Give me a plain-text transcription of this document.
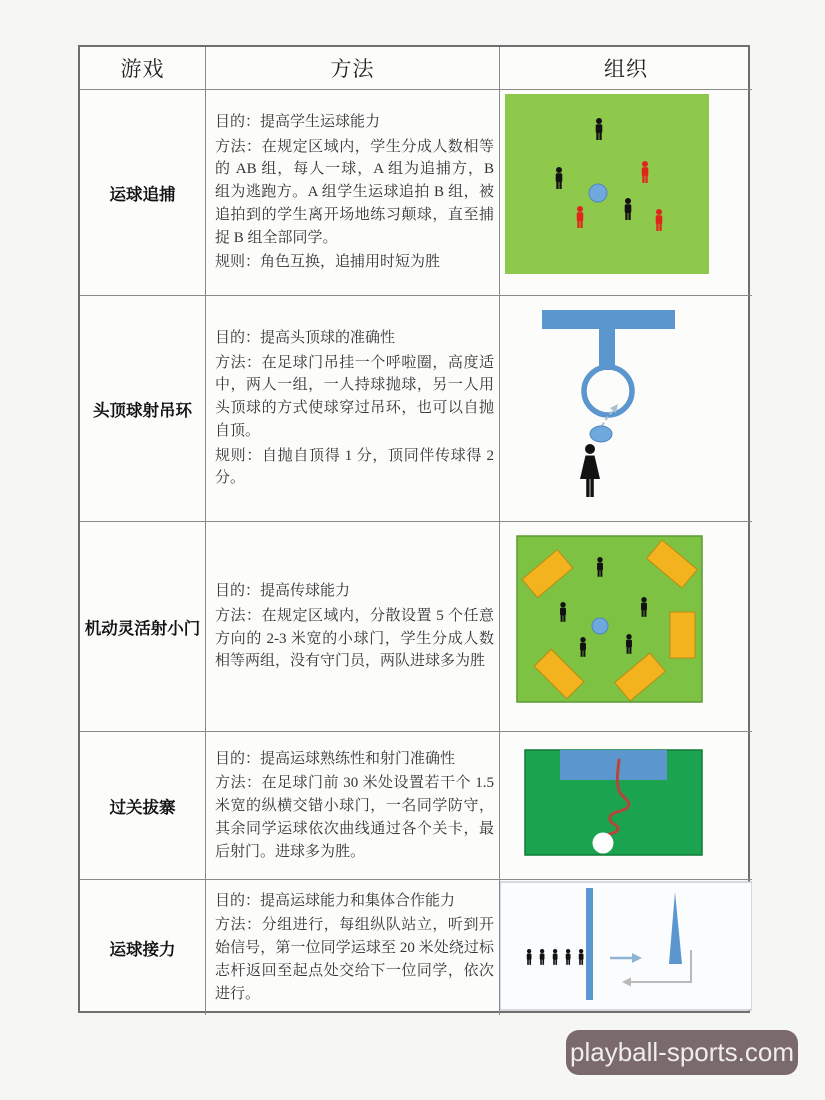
游戏	方法	组织
运球追捕

目的：提高学生运球能力

方法：在规定区域内，学生分成人数相等的 AB 组，每人一球，A 组为追捕方，B 组为逃跑方。A 组学生运球追拍 B 组，被追拍到的学生离开场地练习颠球，直至捕捉 B 组全部同学。

规则：角色互换，追捕用时短为胜

头顶球射吊环

目的：提高头顶球的准确性

方法：在足球门吊挂一个呼啦圈，高度适中，两人一组，一人持球抛球，另一人用头顶球的方式使球穿过吊环，也可以自抛自顶。

规则：自抛自顶得 1 分，顶同伴传球得 2 分。

机动灵活射小门

目的：提高传球能力

方法：在规定区域内，分散设置 5 个任意方向的 2-3 米宽的小球门，学生分成人数相等两组，没有守门员，两队进球多为胜

过关拔寨

目的：提高运球熟练性和射门准确性

方法：在足球门前 30 米处设置若干个 1.5 米宽的纵横交错小球门，一名同学防守，其余同学运球依次曲线通过各个关卡，最后射门。进球多为胜。

运球接力

目的：提高运球能力和集体合作能力

方法：分组进行，每组纵队站立，听到开始信号，第一位同学运球至 20 米处绕过标志杆返回至起点处交给下一位同学，依次进行。

playball-sports.com
